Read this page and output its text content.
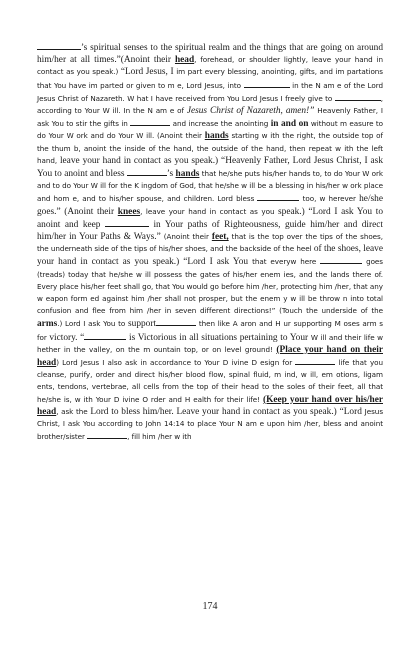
’s spiritual senses to the spiritual realm and the things that are going on around him/her at all times.”(Anoint their head, forehead, or shoulder lightly, leave your hand in contact as you speak.) “Lord Jesus, I im part every blessing, anointing, gifts, and im partations that You have im parted or given to m e, Lord Jesus, into	in the N am e of the Lord Jesus Christ of Nazareth. W hat I have received from You Lord Jesus I freely give to	, according to Your W ill. In the N am e of Jesus Christ of Nazareth, amen!” Heavenly Father, I ask You to stir the gifts in	and increase the anointing in and on without m easure to do Your W ork and do Your W ill. (Anoint their hands starting w ith the right, the outside top of the thum b, anoint the inside of the hand, the outside of the hand, then repeat w ith the left hand, leave your hand in contact as you speak.) “Heavenly Father, Lord Jesus Christ, I ask You to anoint and bless	’s hands that he/she puts his/her hands to, to do Your W ork and to do Your W ill for the K ingdom of God, that he/she w ill be a blessing in his/her w ork place and hom e, and to his/her spouse, and children. Lord bless	too, w herever he/she goes.” (Anoint their knees, leave your hand in contact as you speak.) “Lord I ask You to anoint and keep	in Your paths of Righteousness, guide him/her and direct him/her in Your Paths & Ways.” (Anoint their feet, that is the top over the tips of the shoes, the underneath side of the tips of his/her shoes, and the backside of the heel of the shoes, leave your hand in contact as you speak.) “Lord I ask You that everyw here	goes (treads) today that he/she w ill possess the gates of his/her enem ies, and the lands there of. Every place his/her feet shall go, that You would go before him /her, protecting him /her, that any w eapon form ed against him /her shall not prosper, but the enem y w ill be throw n into total confusion and flee from him /her in seven different directions!” (Touch the underside of the arms.) Lord I ask You to support	then like A aron and H ur supporting M oses arm s for victory. “	is Victorious in all situations pertaining to Your W ill and their life w hether in the valley, on the m ountain top, or on level ground! (Place your hand on their head) Lord Jesus I also ask in accordance to Your D ivine D esign for	life that you cleanse, purify, order and direct his/her blood flow, spinal fluid, m ind, w ill, em otions, ligam ents, tendons, vertebrae, all cells from the top of their head to the soles of their feet, all that he/she is, w ith Your D ivine O rder and H ealth for their life! (Keep your hand over his/her head, ask the Lord to bless him/her. Leave your hand in contact as you speak.) “Lord Jesus Christ, I ask You according to John 14:14 to place Your N am e upon him /her, bless and anoint brother/sister	, fill him /her w ith

174
